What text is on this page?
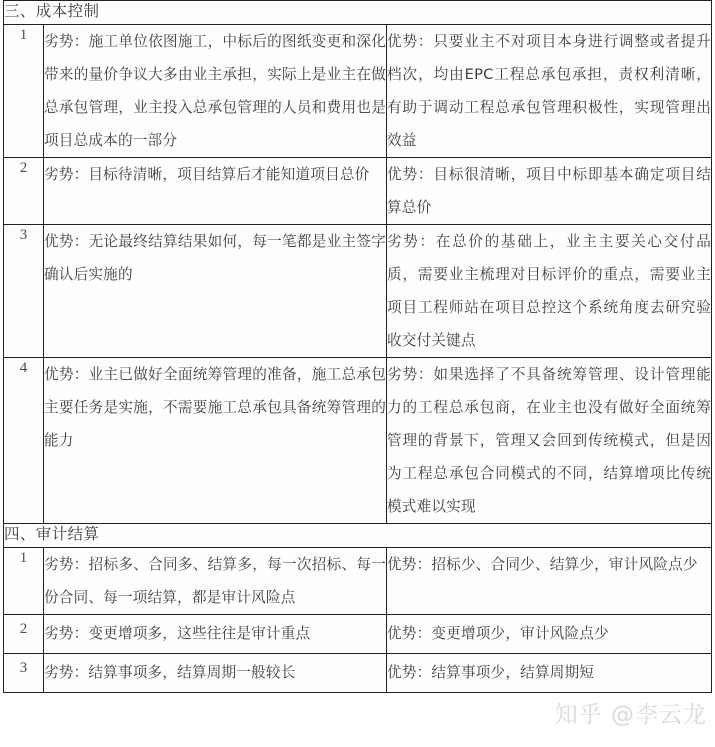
三、成本控制		
1	劣势：施工单位依图施工，中标后的图纸变更和深化带来的量价争议大多由业主承担，实际上是业主在做总承包管理，业主投入总承包管理的人员和费用也是项目总成本的一部分	优势：只要业主不对项目本身进行调整或者提升档次，均由EPC工程总承包承担，责权利清晰，有助于调动工程总承包管理积极性，实现管理出效益
2	劣势：目标待清晰，项目结算后才能知道项目总价	优势：目标很清晰，项目中标即基本确定项目结算总价
3	优势：无论最终结算结果如何，每一笔都是业主签字确认后实施的	劣势：在总价的基础上，业主主要关心交付品质，需要业主梳理对目标评价的重点，需要业主项目工程师站在项目总控这个系统角度去研究验收交付关键点
4	优势：业主已做好全面统筹管理的准备，施工总承包主要任务是实施，不需要施工总承包具备统筹管理的能力	劣势：如果选择了不具备统筹管理、设计管理能力的工程总承包商，在业主也没有做好全面统筹管理的背景下，管理又会回到传统模式，但是因为工程总承包合同模式的不同，结算增项比传统模式难以实现
四、审计结算		
1	劣势：招标多、合同多、结算多，每一次招标、每一份合同、每一项结算，都是审计风险点	优势：招标少、合同少、结算少，审计风险点少
2	劣势：变更增项多，这些往往是审计重点	优势：变更增项少，审计风险点少
3	劣势：结算事项多，结算周期一般较长	优势：结算事项少，结算周期短
知乎 @李云龙
